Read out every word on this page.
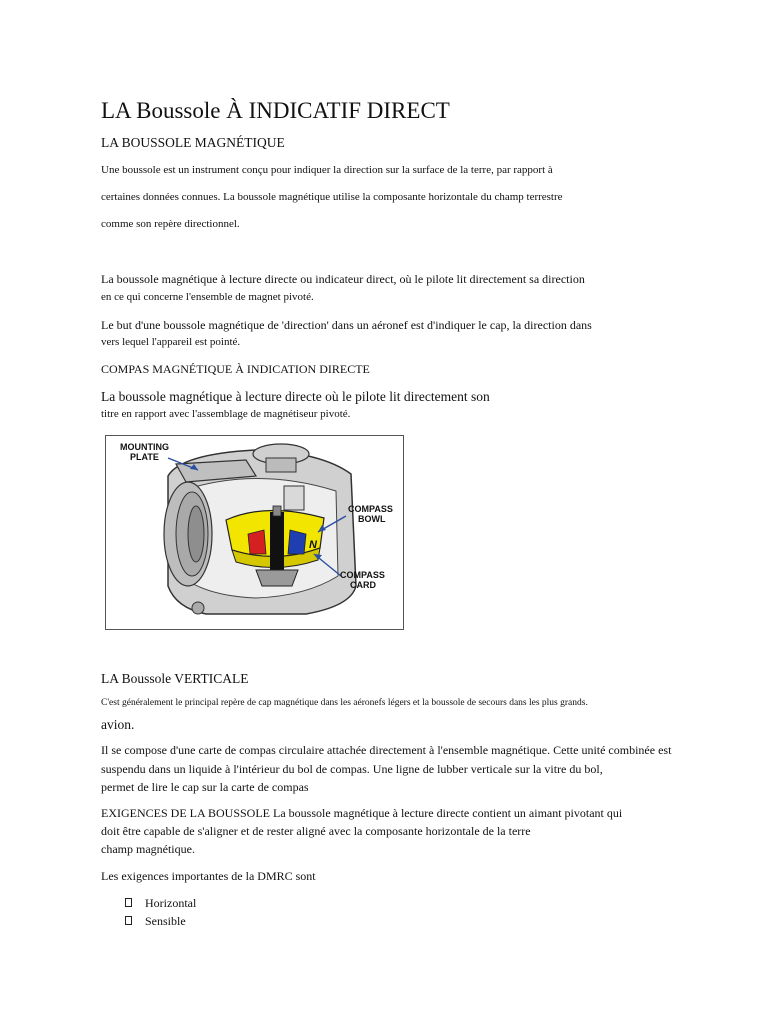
LA Boussole À INDICATIF DIRECT

LA BOUSSOLE MAGNÉTIQUE

Une boussole est un instrument conçu pour indiquer la direction sur la surface de la terre, par rapport à

certaines données connues. La boussole magnétique utilise la composante horizontale du champ terrestre

comme son repère directionnel.

La boussole magnétique à lecture directe ou indicateur direct, où le pilote lit directement sa direction

en ce qui concerne l'ensemble de magnet pivoté.

Le but d'une boussole magnétique de 'direction' dans un aéronef est d'indiquer le cap, la direction dans

vers lequel l'appareil est pointé.

COMPAS MAGNÉTIQUE À INDICATION DIRECTE

La boussole magnétique à lecture directe où le pilote lit directement son

titre en rapport avec l'assemblage de magnétiseur pivoté.

N
MOUNTING
PLATE
COMPASS
BOWL
COMPASS
CARD

LA Boussole VERTICALE

C'est généralement le principal repère de cap magnétique dans les aéronefs légers et la boussole de secours dans les plus grands.

avion.

Il se compose d'une carte de compas circulaire attachée directement à l'ensemble magnétique. Cette unité combinée est

suspendu dans un liquide à l'intérieur du bol de compas. Une ligne de lubber verticale sur la vitre du bol,

permet de lire le cap sur la carte de compas

EXIGENCES DE LA BOUSSOLE La boussole magnétique à lecture directe contient un aimant pivotant qui

doit être capable de s'aligner et de rester aligné avec la composante horizontale de la terre

champ magnétique.

Les exigences importantes de la DMRC sont

Horizontal
Sensible
